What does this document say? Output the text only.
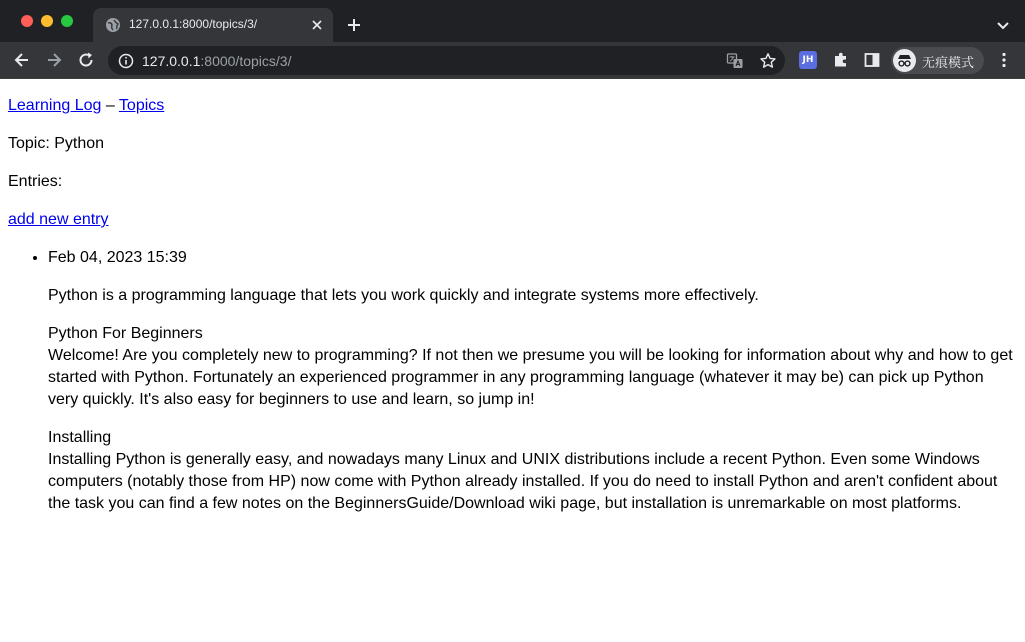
127.0.0.1:8000/topics/3/
127.0.0.1:8000/topics/3/	JH	无痕模式

Learning Log – Topics

Topic: Python

Entries:

add new entry

• Feb 04, 2023 15:39

Python is a programming language that lets you work quickly and integrate systems more effectively.

Python For Beginners
Welcome! Are you completely new to programming? If not then we presume you will be looking for information about why and how to get started with Python. Fortunately an experienced programmer in any programming language (whatever it may be) can pick up Python very quickly. It's also easy for beginners to use and learn, so jump in!

Installing
Installing Python is generally easy, and nowadays many Linux and UNIX distributions include a recent Python. Even some Windows computers (notably those from HP) now come with Python already installed. If you do need to install Python and aren't confident about the task you can find a few notes on the BeginnersGuide/Download wiki page, but installation is unremarkable on most platforms.
